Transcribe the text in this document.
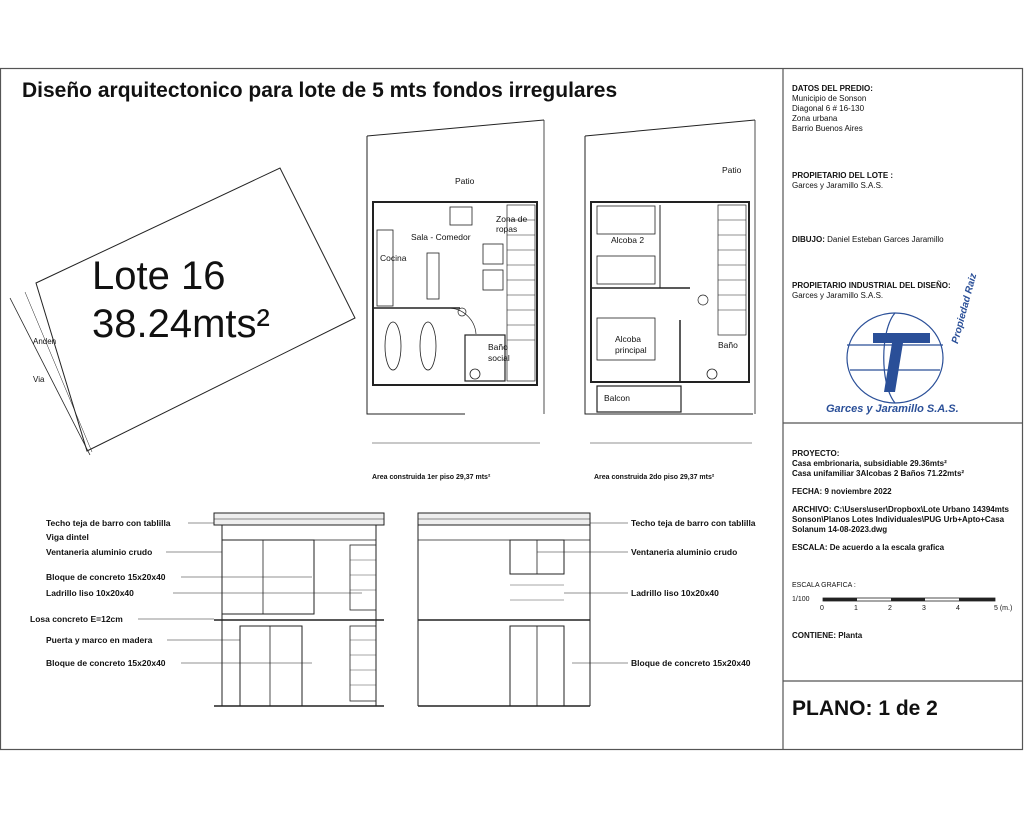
Diseño arquitectonico para lote de 5 mts fondos irregulares
Lote 16
38.24mts²
Anden
Via
Patio
Sala - Comedor
Cocina
Zona de ropas
Baño social
Area construida 1er piso 29,37 mts²
Patio
Alcoba 2
Alcoba principal
Baño
Balcon
Area construida 2do piso 29,37 mts²
Techo teja de barro con tablilla
Viga dintel
Ventaneria aluminio crudo
Bloque de concreto 15x20x40
Ladrillo liso 10x20x40
Losa concreto E=12cm
Puerta y marco en madera
Bloque de concreto 15x20x40
Techo teja de barro con tablilla
Ventaneria aluminio crudo
Ladrillo liso 10x20x40
Bloque de concreto 15x20x40
DATOS DEL PREDIO:
Municipio de Sonson
Diagonal 6 # 16-130
Zona urbana
Barrio Buenos Aires
PROPIETARIO DEL LOTE :
Garces y Jaramillo S.A.S.
DIBUJO: Daniel Esteban Garces Jaramillo
PROPIETARIO INDUSTRIAL DEL DISEÑO:
Garces y Jaramillo S.A.S.
Garces y Jaramillo S.A.S.
Propiedad Raiz
PROYECTO:
Casa embrionaria, subsidiable 29.36mts²
Casa unifamiliar 3Alcobas 2 Baños 71.22mts²
FECHA: 9 noviembre 2022
ARCHIVO: C:\Users\user\Dropbox\Lote Urbano 14394mts Sonson\Planos Lotes Individuales\PUG Urb+Apto+Casa Solanum 14-08-2023.dwg
ESCALA: De acuerdo a la escala grafica
ESCALA GRAFICA :
1/100
0	1	2	3	4	5 (m.)
CONTIENE: Planta
PLANO: 1 de 2
